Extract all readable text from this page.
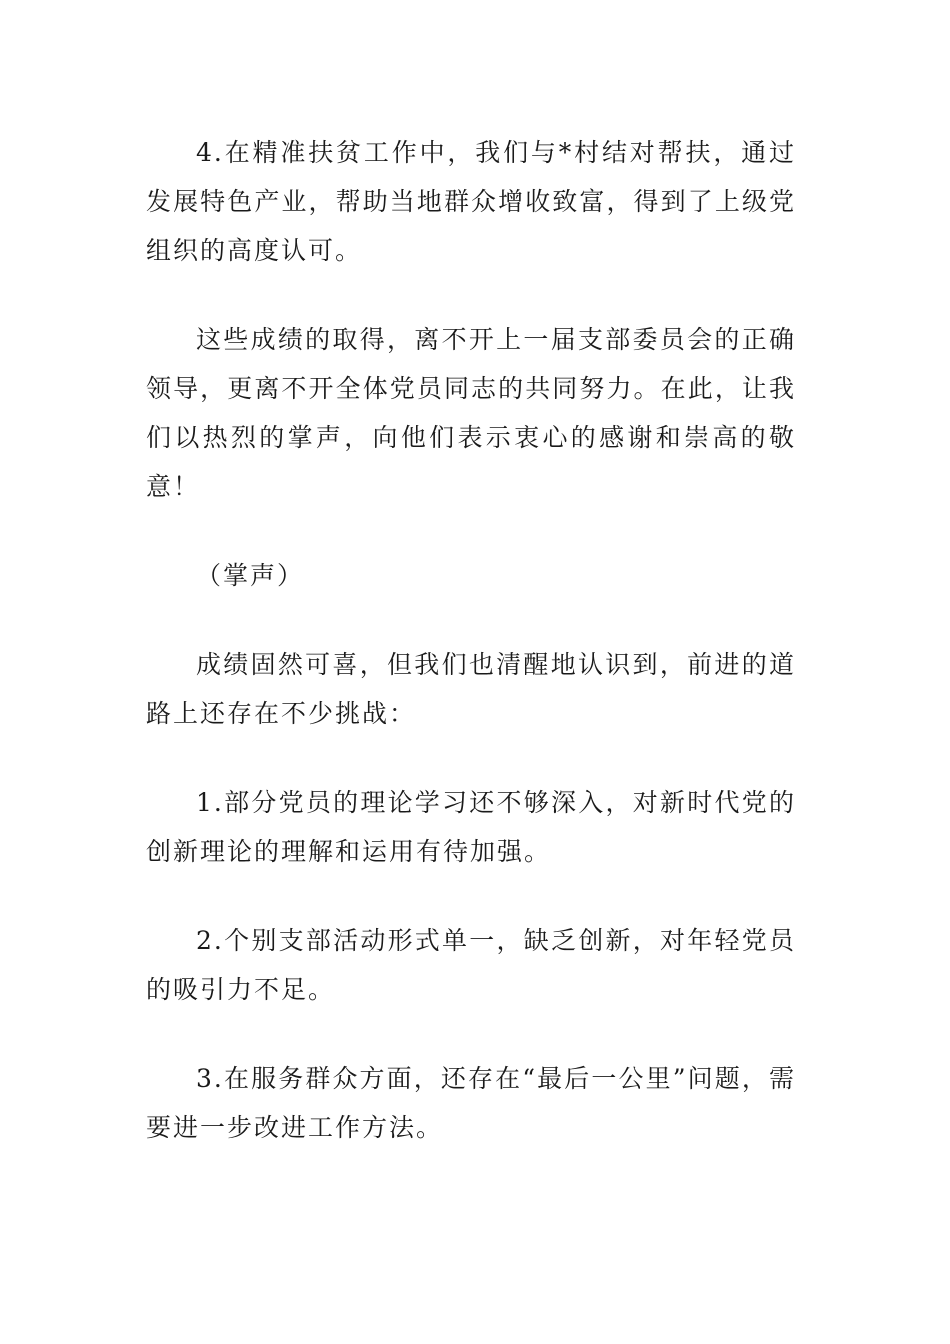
4.在精准扶贫工作中，我们与*村结对帮扶，通过发展特色产业，帮助当地群众增收致富，得到了上级党组织的高度认可。

这些成绩的取得，离不开上一届支部委员会的正确领导，更离不开全体党员同志的共同努力。在此，让我们以热烈的掌声，向他们表示衷心的感谢和崇高的敬意！

（掌声）

成绩固然可喜，但我们也清醒地认识到，前进的道路上还存在不少挑战：

1.部分党员的理论学习还不够深入，对新时代党的创新理论的理解和运用有待加强。

2.个别支部活动形式单一，缺乏创新，对年轻党员的吸引力不足。

3.在服务群众方面，还存在“最后一公里”问题，需要进一步改进工作方法。
